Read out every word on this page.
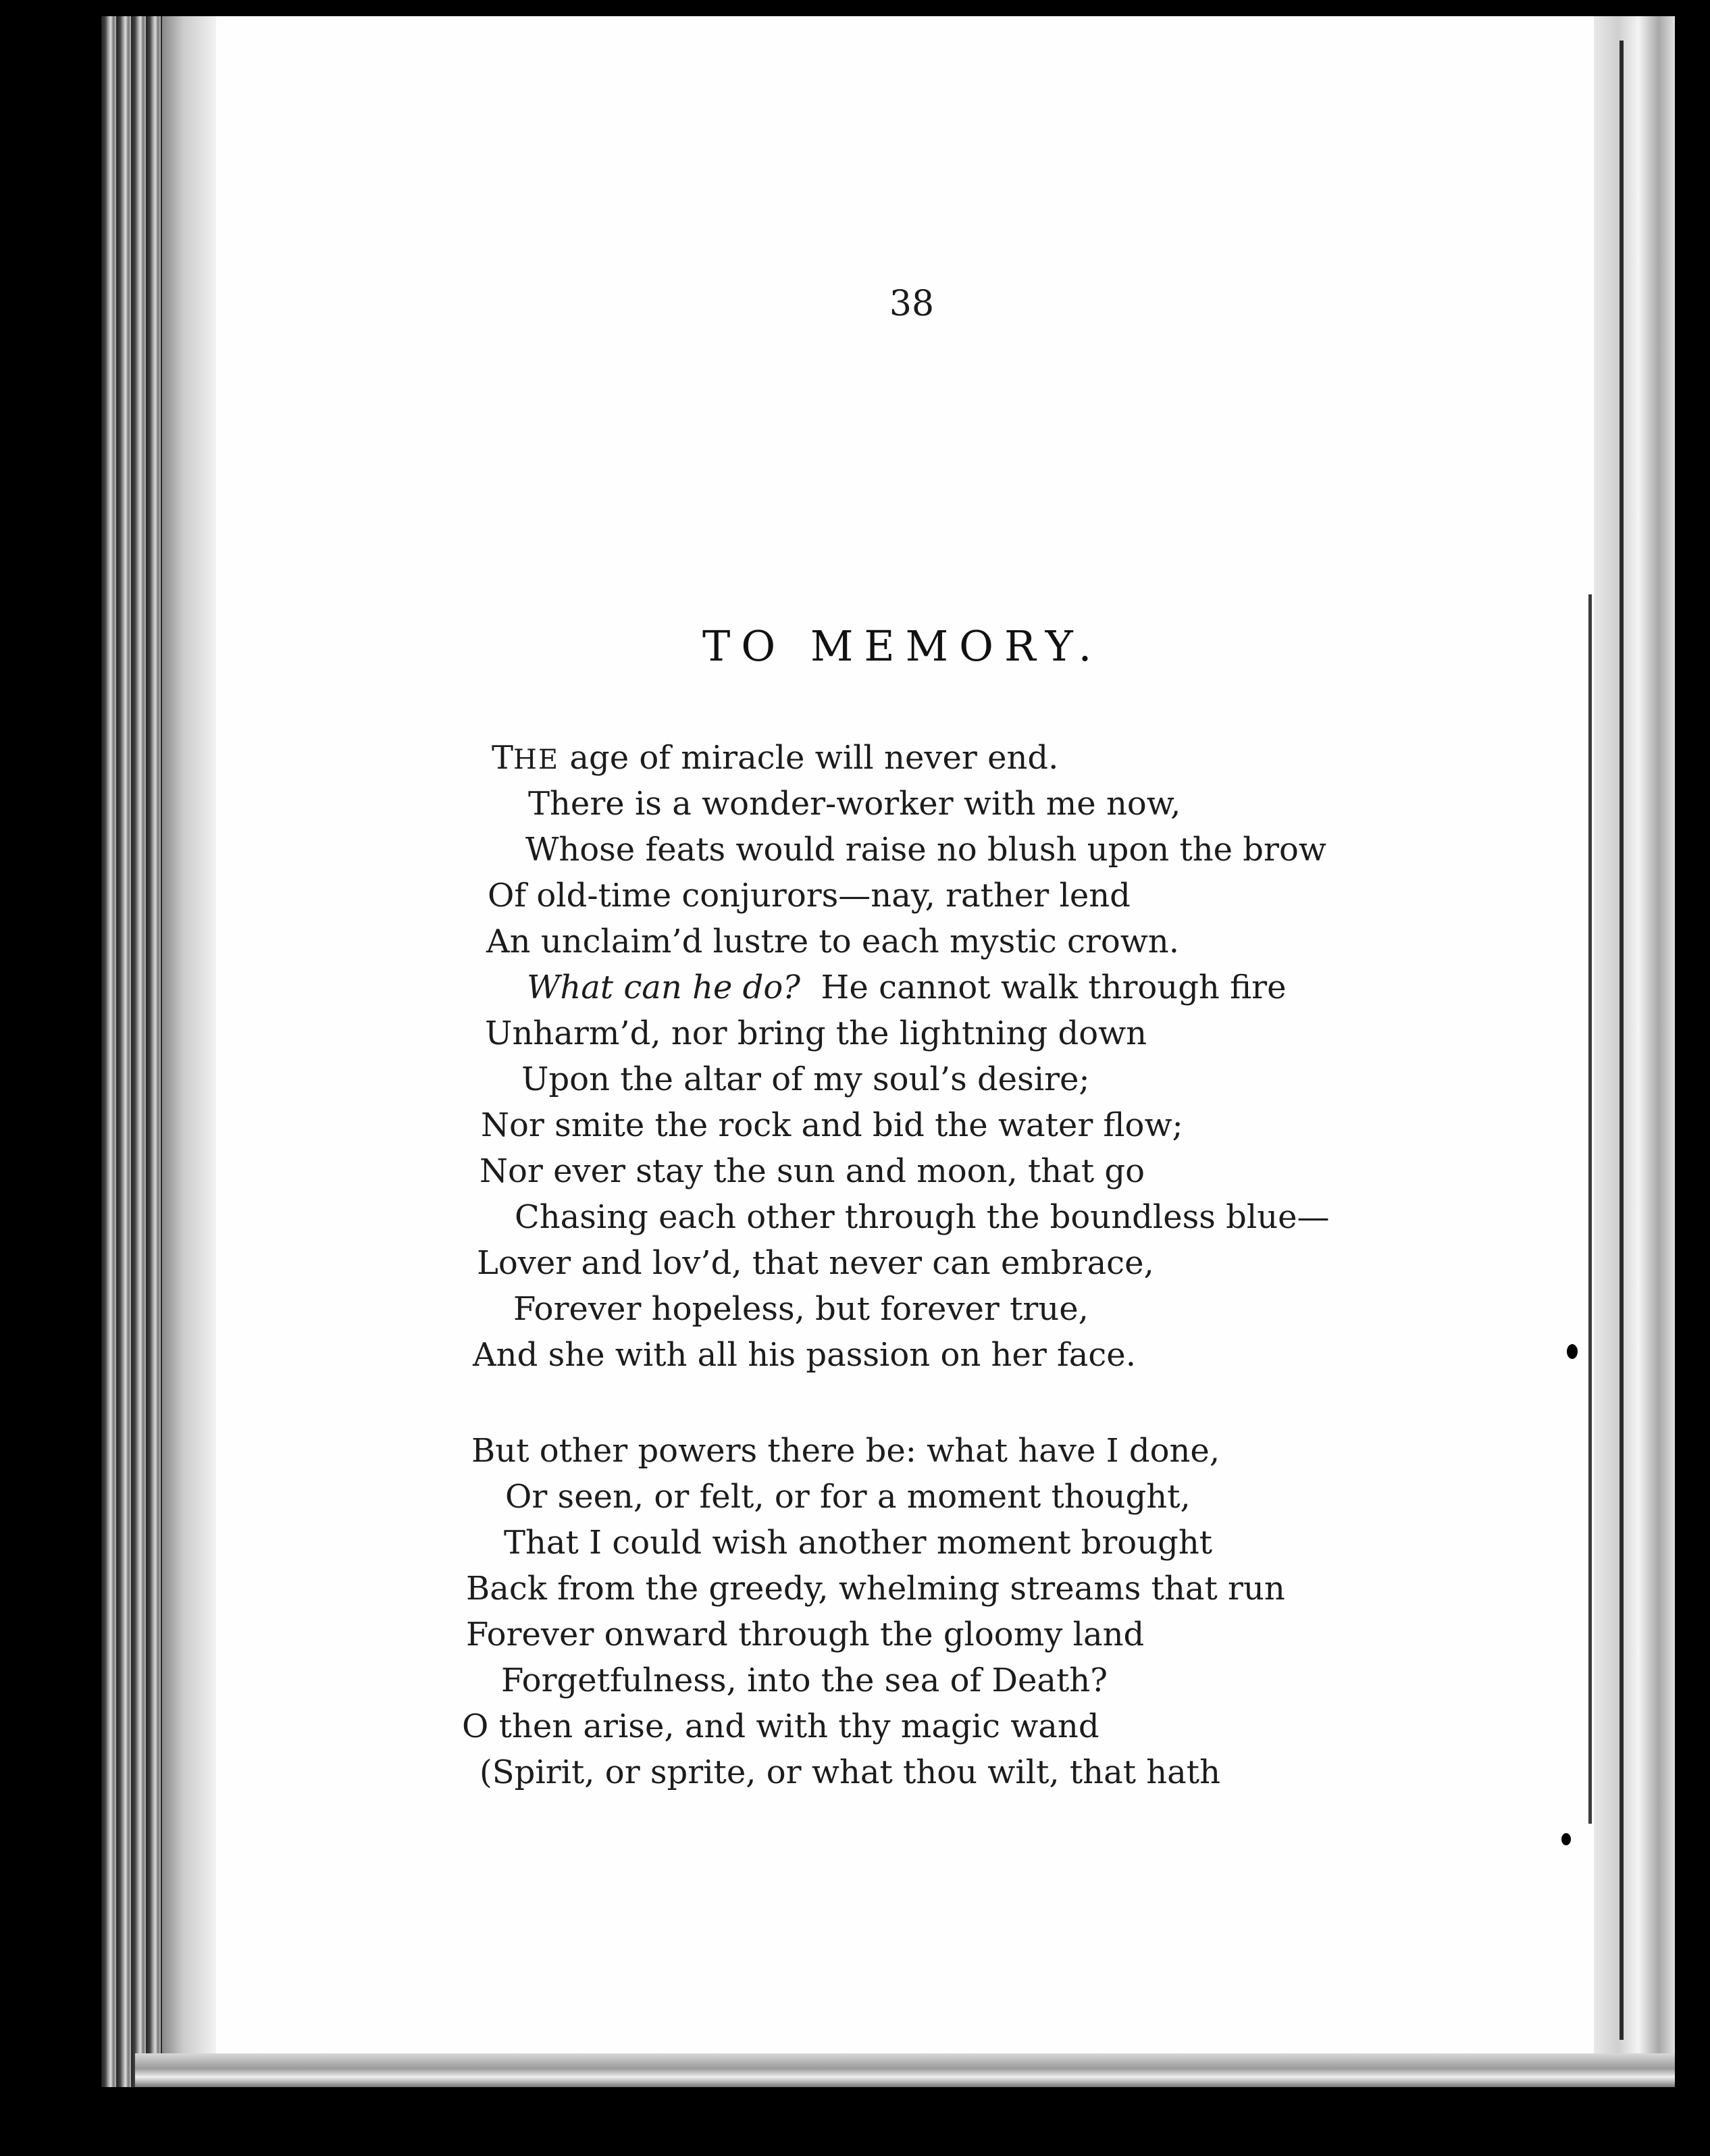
38
TO MEMORY.
THE age of miracle will never end.
There is a wonder-worker with me now,
Whose feats would raise no blush upon the brow
Of old-time conjurors—nay, rather lend
An unclaim’d lustre to each mystic crown.
What can he do?  He cannot walk through fire
Unharm’d, nor bring the lightning down
Upon the altar of my soul’s desire;
Nor smite the rock and bid the water flow;
Nor ever stay the sun and moon, that go
Chasing each other through the boundless blue—
Lover and lov’d, that never can embrace,
Forever hopeless, but forever true,
And she with all his passion on her face.
But other powers there be: what have I done,
Or seen, or felt, or for a moment thought,
That I could wish another moment brought
Back from the greedy, whelming streams that run
Forever onward through the gloomy land
Forgetfulness, into the sea of Death?
O then arise, and with thy magic wand
(Spirit, or sprite, or what thou wilt, that hath
